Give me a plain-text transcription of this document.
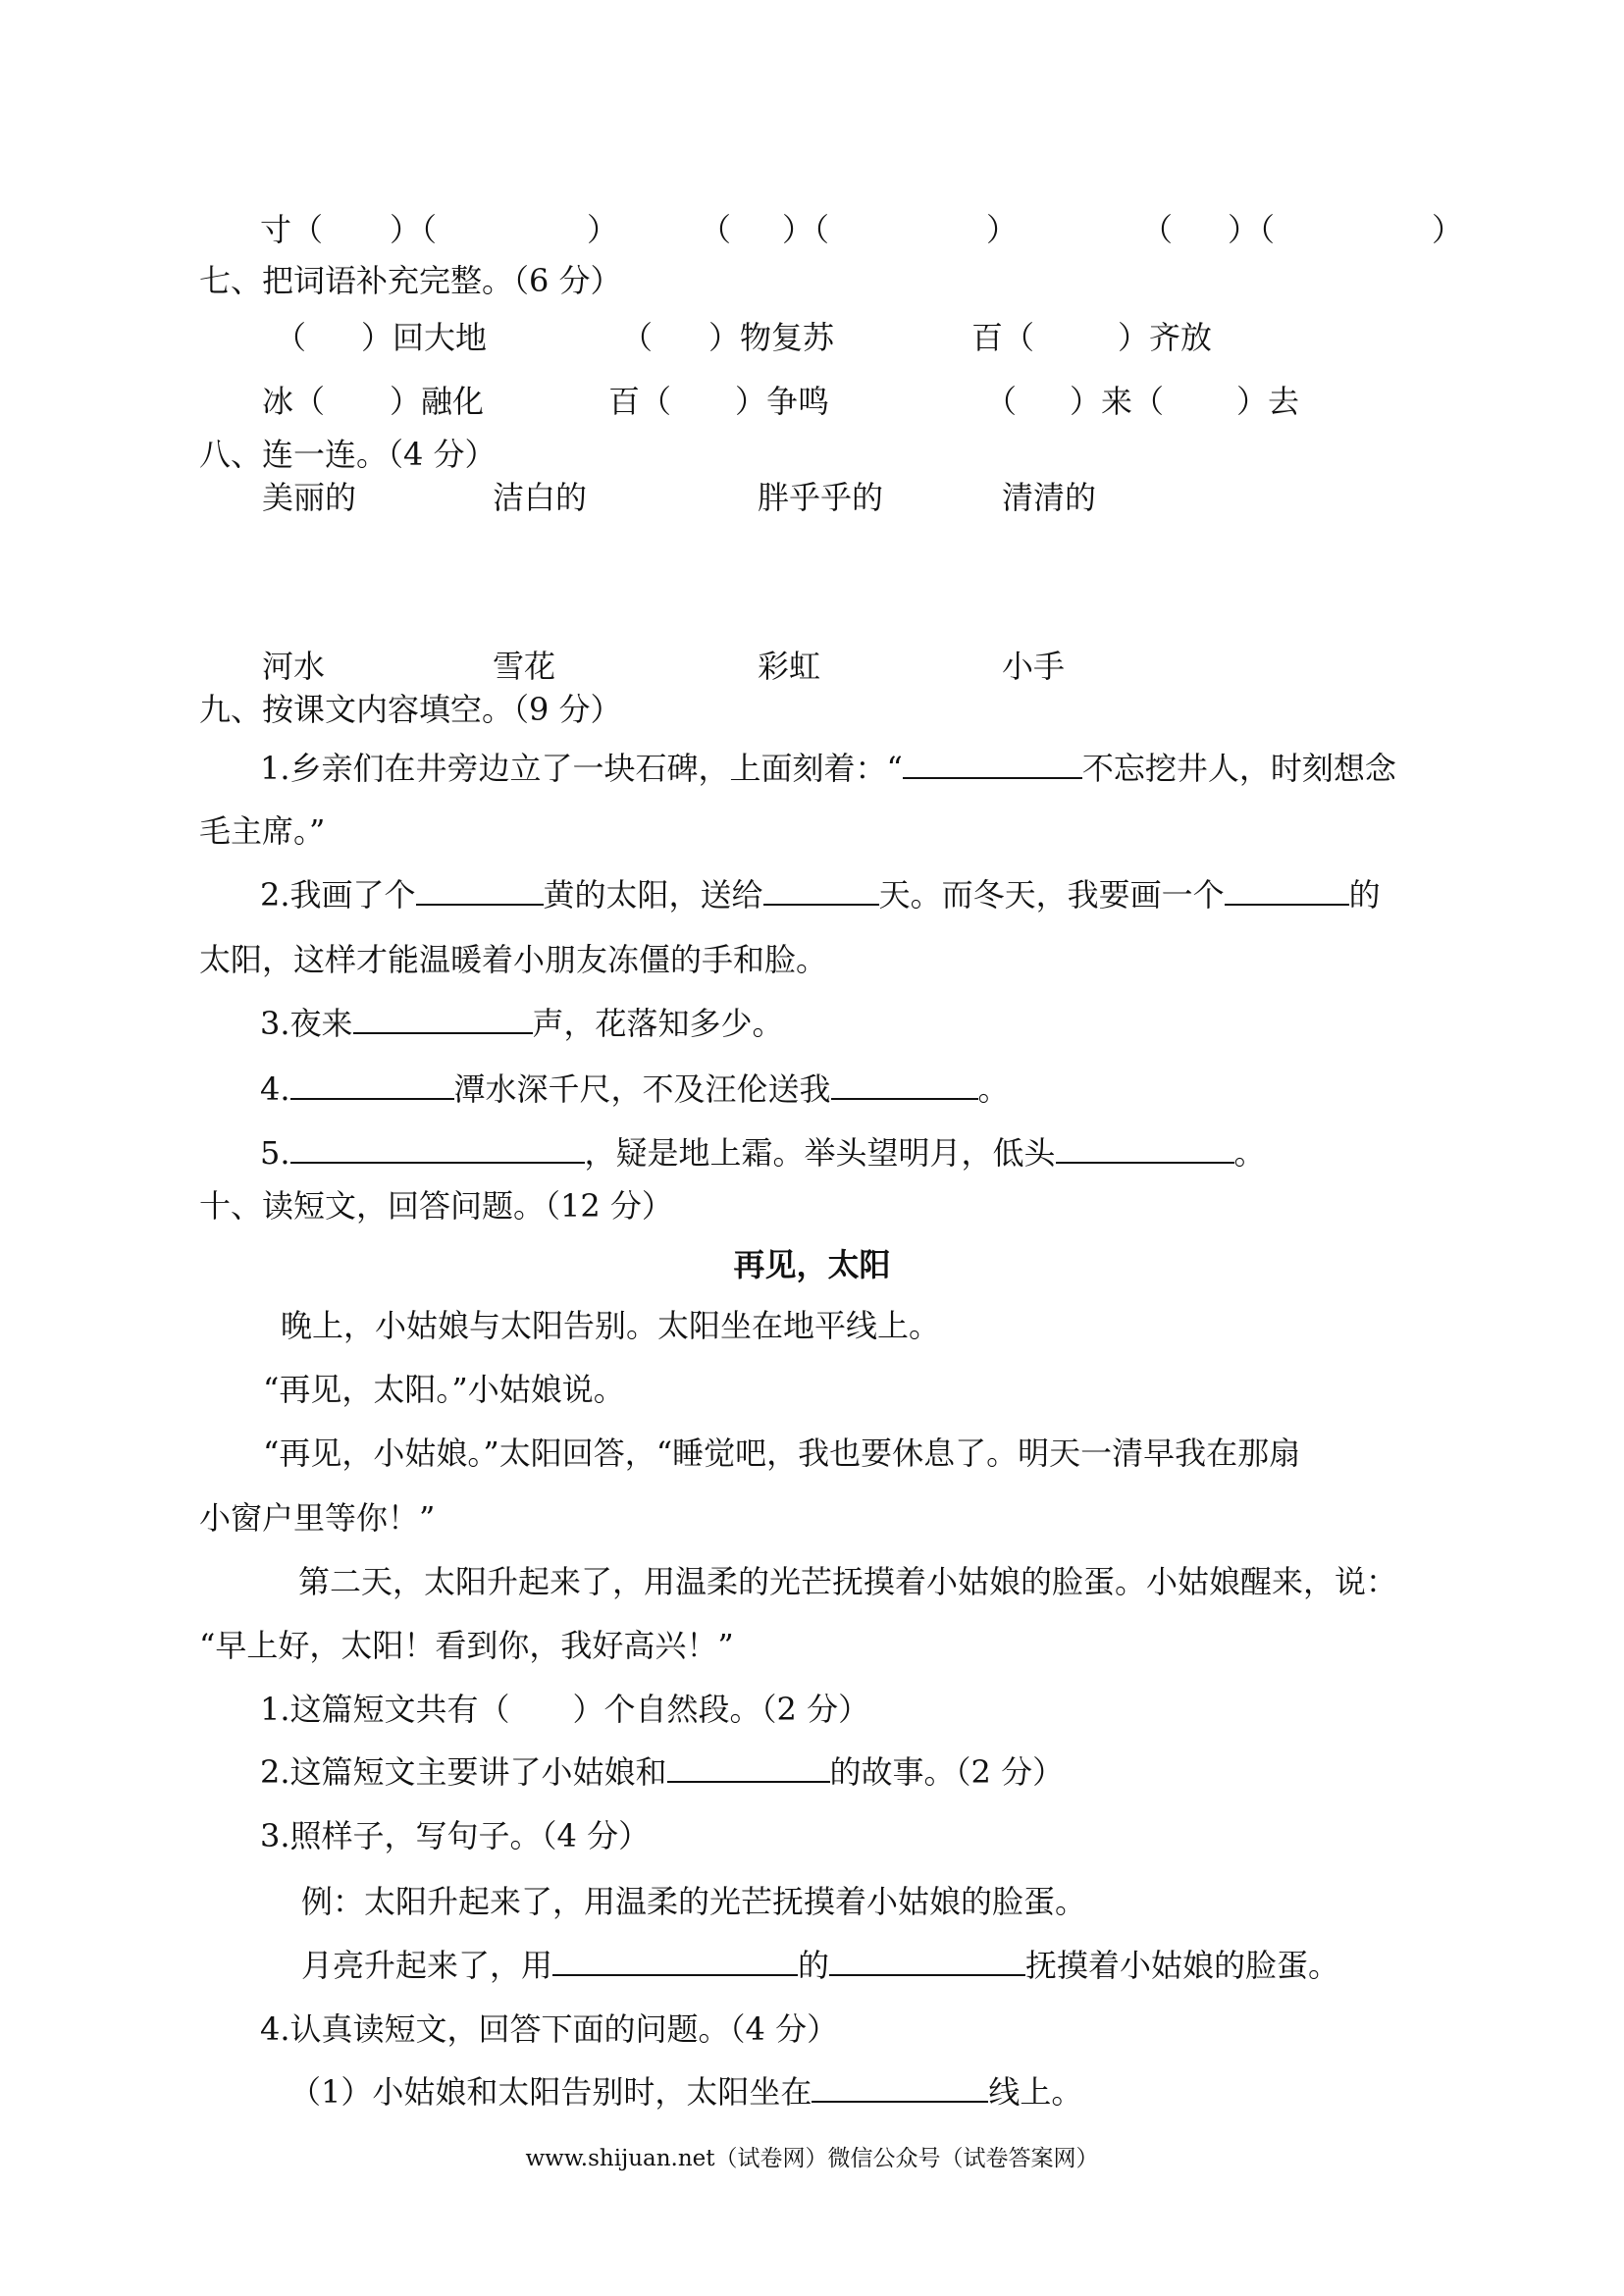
寸（ ）（	）	（ ）（	）	（ ）（	）
七、把词语补充完整。（6 分）
（ ）回大地	（ ）物复苏	百（	）齐放
冰（ ）融化	百（ ）争鸣	（ ）来（ ）去
八、连一连。（4 分）
美丽的	洁白的	胖乎乎的	清清的
河水	雪花	彩虹	小手
九、按课文内容填空。（9 分）
1.乡亲们在井旁边立了一块石碑，上面刻着：“	不忘挖井人，时刻想念
毛主席。”
2.我画了个	黄的太阳，送给	天。而冬天，我要画一个	的
太阳，这样才能温暖着小朋友冻僵的手和脸。
3.夜来	声，花落知多少。
4.	潭水深千尺，不及汪伦送我	。
5.	，疑是地上霜。举头望明月，低头	。
十、读短文，回答问题。（12 分）
再见，太阳
晚上，小姑娘与太阳告别。太阳坐在地平线上。
“再见，太阳。”小姑娘说。
“再见，小姑娘。”太阳回答，“睡觉吧，我也要休息了。明天一清早我在那扇
小窗户里等你！”
第二天，太阳升起来了，用温柔的光芒抚摸着小姑娘的脸蛋。小姑娘醒来，说：
“早上好，太阳！看到你，我好高兴！”
1.这篇短文共有（　　）个自然段。（2 分）
2.这篇短文主要讲了小姑娘和	的故事。（2 分）
3.照样子，写句子。（4 分）
例：太阳升起来了，用温柔的光芒抚摸着小姑娘的脸蛋。
月亮升起来了，用	的	抚摸着小姑娘的脸蛋。
4.认真读短文，回答下面的问题。（4 分）
（1）小姑娘和太阳告别时，太阳坐在	线上。
www.shijuan.net（试卷网）微信公众号（试卷答案网）
